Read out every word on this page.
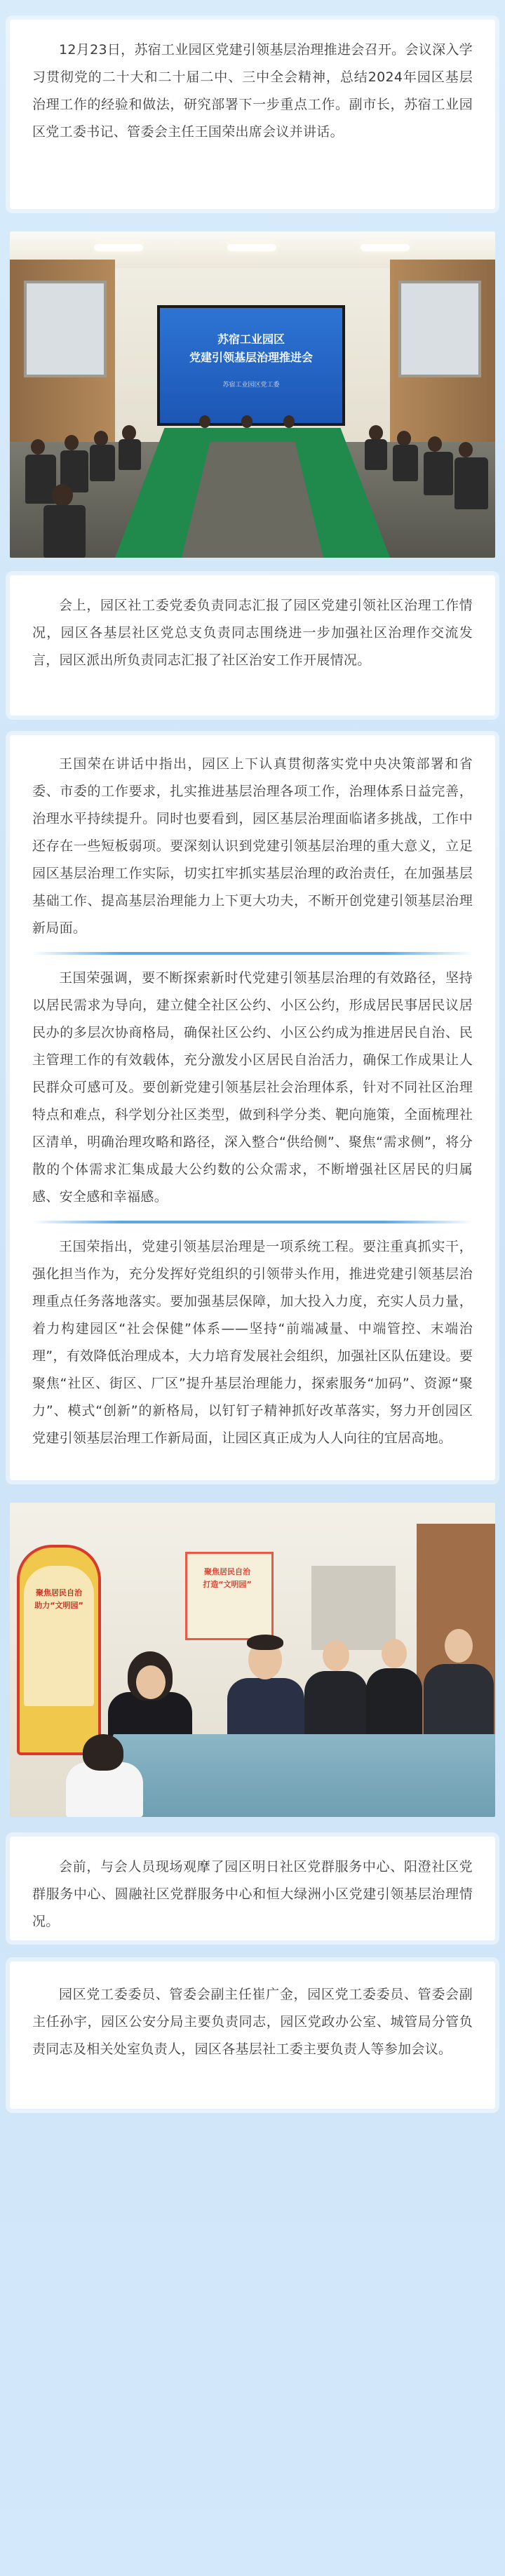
12月23日，苏宿工业园区党建引领基层治理推进会召开。会议深入学习贯彻党的二十大和二十届二中、三中全会精神，总结2024年园区基层治理工作的经验和做法，研究部署下一步重点工作。副市长，苏宿工业园区党工委书记、管委会主任王国荣出席会议并讲话。

苏宿工业园区
党建引领基层治理推进会
苏宿工业园区党工委

会上，园区社工委党委负责同志汇报了园区党建引领社区治理工作情况，园区各基层社区党总支负责同志围绕进一步加强社区治理作交流发言，园区派出所负责同志汇报了社区治安工作开展情况。

王国荣在讲话中指出，园区上下认真贯彻落实党中央决策部署和省委、市委的工作要求，扎实推进基层治理各项工作，治理体系日益完善，治理水平持续提升。同时也要看到，园区基层治理面临诸多挑战，工作中还存在一些短板弱项。要深刻认识到党建引领基层治理的重大意义，立足园区基层治理工作实际，切实扛牢抓实基层治理的政治责任，在加强基层基础工作、提高基层治理能力上下更大功夫，不断开创党建引领基层治理新局面。

王国荣强调，要不断探索新时代党建引领基层治理的有效路径，坚持以居民需求为导向，建立健全社区公约、小区公约，形成居民事居民议居民办的多层次协商格局，确保社区公约、小区公约成为推进居民自治、民主管理工作的有效载体，充分激发小区居民自治活力，确保工作成果让人民群众可感可及。要创新党建引领基层社会治理体系，针对不同社区治理特点和难点，科学划分社区类型，做到科学分类、靶向施策，全面梳理社区清单，明确治理攻略和路径，深入整合“供给侧”、聚焦“需求侧”，将分散的个体需求汇集成最大公约数的公众需求，不断增强社区居民的归属感、安全感和幸福感。

王国荣指出，党建引领基层治理是一项系统工程。要注重真抓实干，强化担当作为，充分发挥好党组织的引领带头作用，推进党建引领基层治理重点任务落地落实。要加强基层保障，加大投入力度，充实人员力量，着力构建园区“社会保健”体系——坚持“前端减量、中端管控、末端治理”，有效降低治理成本，大力培育发展社会组织，加强社区队伍建设。要聚焦“社区、街区、厂区”提升基层治理能力，探索服务“加码”、资源“聚力”、模式“创新”的新格局，以钉钉子精神抓好改革落实，努力开创园区党建引领基层治理工作新局面，让园区真正成为人人向往的宜居高地。

聚焦居民自治
助力“文明园”
聚焦居民自治
打造“文明园”

会前，与会人员现场观摩了园区明日社区党群服务中心、阳澄社区党群服务中心、圆融社区党群服务中心和恒大绿洲小区党建引领基层治理情况。

园区党工委委员、管委会副主任崔广金，园区党工委委员、管委会副主任孙宇，园区公安分局主要负责同志，园区党政办公室、城管局分管负责同志及相关处室负责人，园区各基层社工委主要负责人等参加会议。
